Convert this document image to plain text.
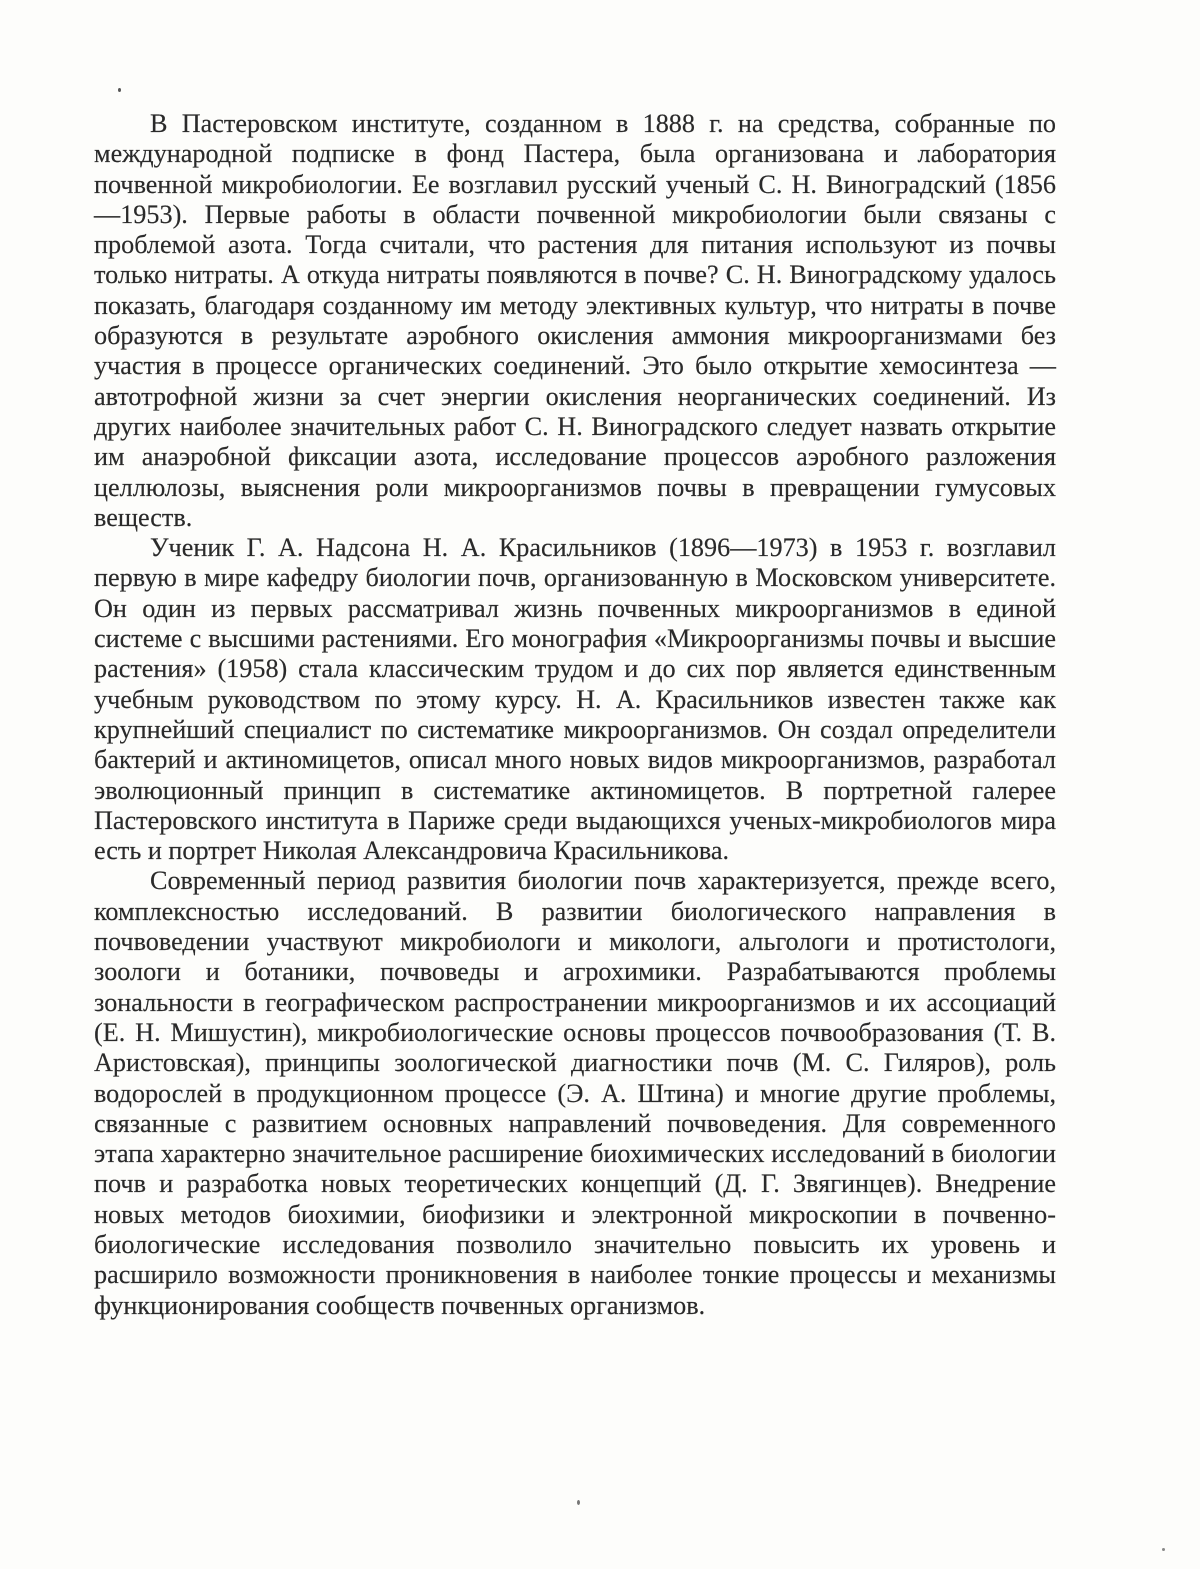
В Пастеровском институте, созданном в 1888 г. на средства, собранные по международной подписке в фонд Пастера, была организована и лаборатория почвенной микробиологии. Ее возглавил русский ученый С. Н. Виноградский (1856—1953). Первые работы в области почвенной микробиологии были связаны с проблемой азота. Тогда считали, что растения для питания используют из почвы только нитраты. А откуда нитраты появляются в почве? С. Н. Виноградскому удалось показать, благодаря созданному им методу элективных культур, что нитраты в почве образуются в результате аэробного окисления аммония микроорганизмами без участия в процессе органических соединений. Это было открытие хемосинтеза — автотрофной жизни за счет энергии окисления неорганических соединений. Из других наиболее значительных работ С. Н. Виноградского следует назвать открытие им анаэробной фиксации азота, исследование процессов аэробного разложения целлюлозы, выяснения роли микроорганизмов почвы в превращении гумусовых веществ.

Ученик Г. А. Надсона Н. А. Красильников (1896—1973) в 1953 г. возглавил первую в мире кафедру биологии почв, организованную в Московском университете. Он один из первых рассматривал жизнь почвенных микроорганизмов в единой системе с высшими растениями. Его монография «Микроорганизмы почвы и высшие растения» (1958) стала классическим трудом и до сих пор является единственным учебным руководством по этому курсу. Н. А. Красильников известен также как крупнейший специалист по систематике микроорганизмов. Он создал определители бактерий и актиномицетов, описал много новых видов микроорганизмов, разработал эволюционный принцип в систематике актиномицетов. В портретной галерее Пастеровского института в Париже среди выдающихся ученых-микробиологов мира есть и портрет Николая Александровича Красильникова.

Современный период развития биологии почв характеризуется, прежде всего, комплексностью исследований. В развитии биологического направления в почвоведении участвуют микробиологи и микологи, альгологи и протистологи, зоологи и ботаники, почвоведы и агрохимики. Разрабатываются проблемы зональности в географическом распространении микроорганизмов и их ассоциаций (Е. Н. Мишустин), микробиологические основы процессов почвообразования (Т. В. Аристовская), принципы зоологической диагностики почв (М. С. Гиляров), роль водорослей в продукционном процессе (Э. А. Штина) и многие другие проблемы, связанные с развитием основных направлений почвоведения. Для современного этапа характерно значительное расширение биохимических исследований в биологии почв и разработка новых теоретических концепций (Д. Г. Звягинцев). Внедрение новых методов биохимии, биофизики и электронной микроскопии в почвенно-биологические исследования позволило значительно повысить их уровень и расширило возможности проникновения в наиболее тонкие процессы и механизмы функционирования сообществ почвенных организмов.
